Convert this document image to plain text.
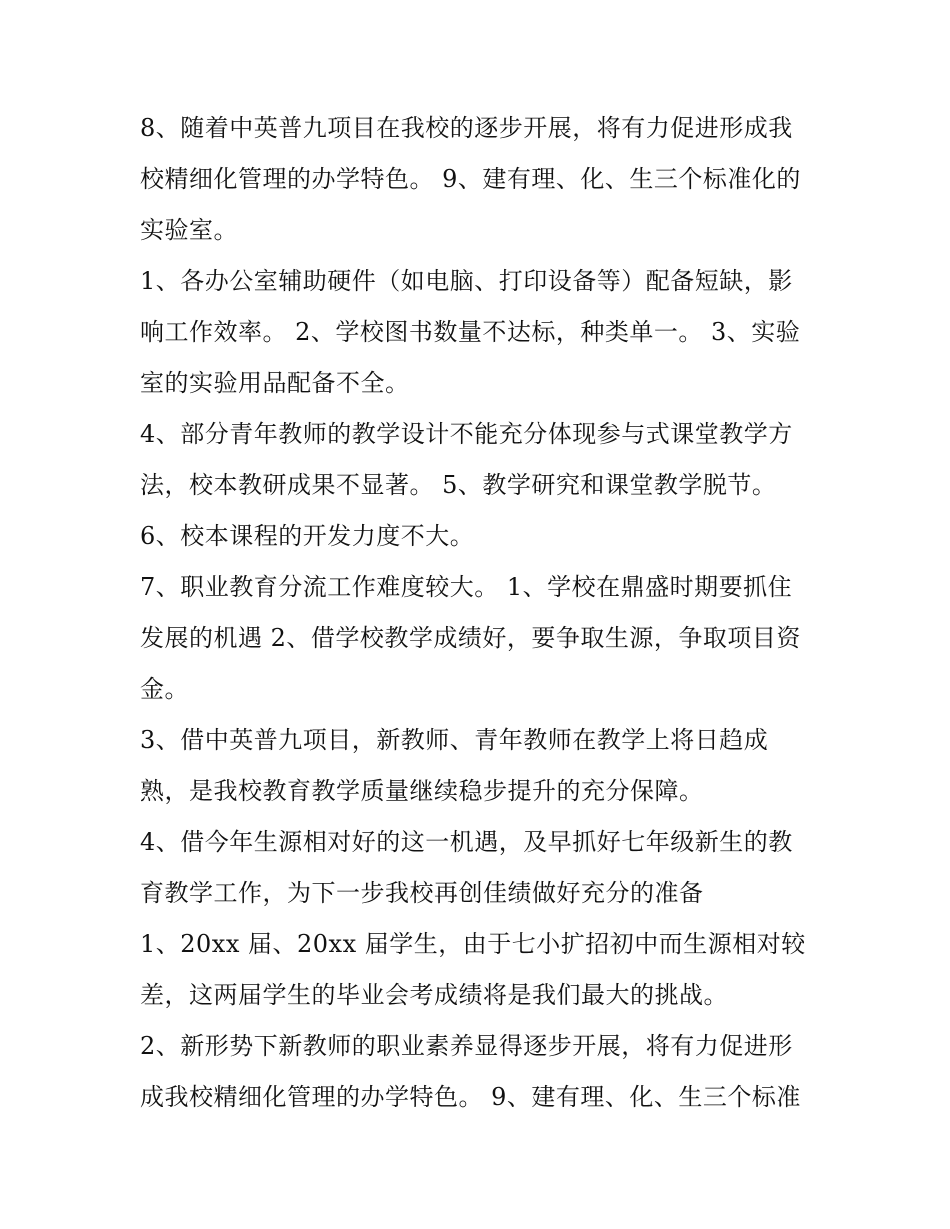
8、随着中英普九项目在我校的逐步开展，将有力促进形成我
校精细化管理的办学特色。 9、建有理、化、生三个标准化的
实验室。
1、各办公室辅助硬件（如电脑、打印设备等）配备短缺，影
响工作效率。 2、学校图书数量不达标，种类单一。 3、实验
室的实验用品配备不全。
4、部分青年教师的教学设计不能充分体现参与式课堂教学方
法，校本教研成果不显著。 5、教学研究和课堂教学脱节。
6、校本课程的开发力度不大。
7、职业教育分流工作难度较大。 1、学校在鼎盛时期要抓住
发展的机遇 2、借学校教学成绩好，要争取生源，争取项目资
金。
3、借中英普九项目，新教师、青年教师在教学上将日趋成
熟，是我校教育教学质量继续稳步提升的充分保障。
4、借今年生源相对好的这一机遇，及早抓好七年级新生的教
育教学工作，为下一步我校再创佳绩做好充分的准备
1、20xx 届、20xx 届学生，由于七小扩招初中而生源相对较
差，这两届学生的毕业会考成绩将是我们最大的挑战。
2、新形势下新教师的职业素养显得逐步开展，将有力促进形
成我校精细化管理的办学特色。 9、建有理、化、生三个标准
